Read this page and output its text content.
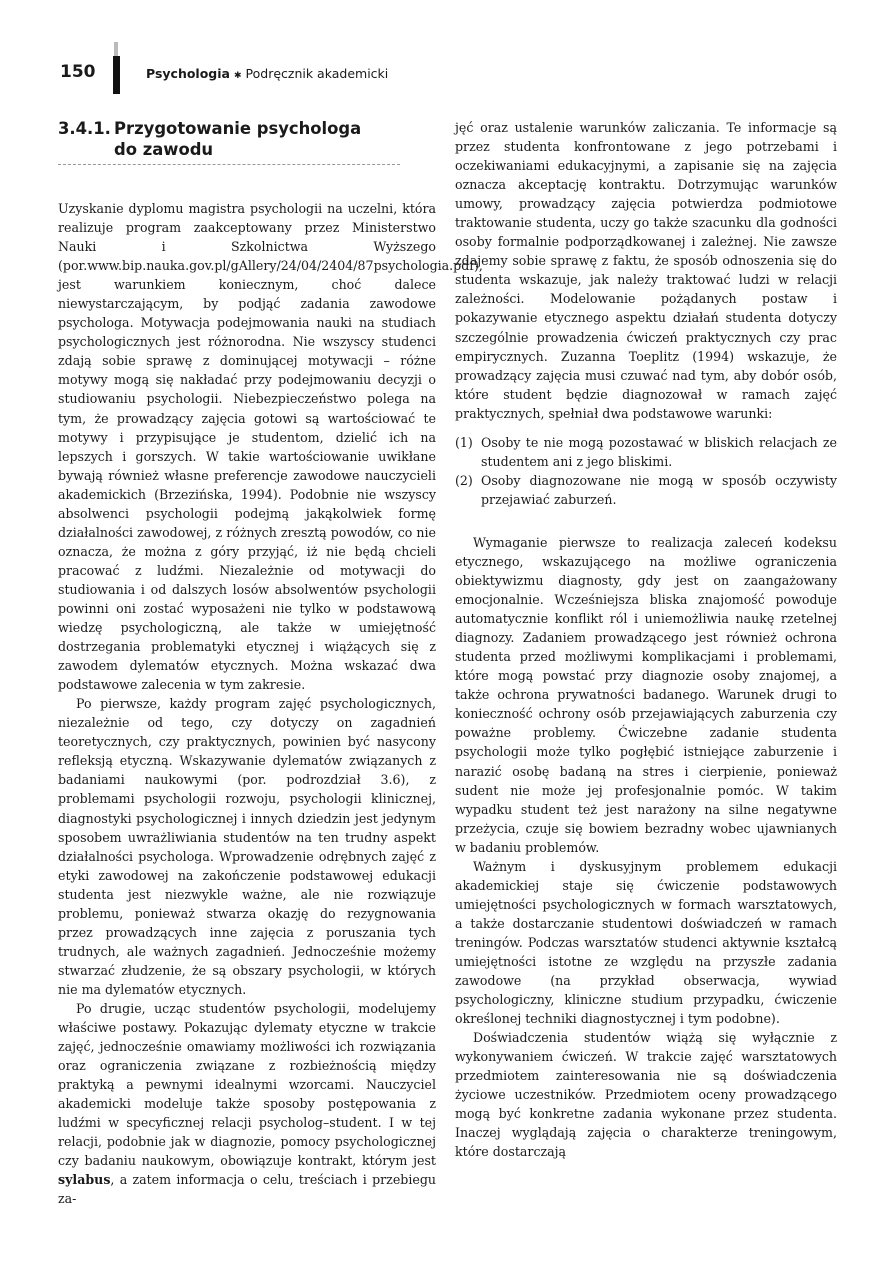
150	Psychologia ✱ Podręcznik akademicki
3.4.1. Przygotowanie psychologa
do zawodu

Uzyskanie dyplomu magistra psychologii na uczelni, która realizuje program zaakceptowany przez Ministerstwo Nauki i Szkolnictwa Wyższego (por.www.bip.nauka.gov.pl/gAllery/24/04/2404/87psychologia.pdf), jest warunkiem koniecznym, choć dalece niewystarczającym, by podjąć zadania zawodowe psychologa. Motywacja podejmowania nauki na studiach psychologicznych jest różnorodna. Nie wszyscy studenci zdają sobie sprawę z dominującej motywacji – różne motywy mogą się nakładać przy podejmowaniu decyzji o studiowaniu psychologii. Niebezpieczeństwo polega na tym, że prowadzący zajęcia gotowi są wartościować te motywy i przypisujące je studentom, dzielić ich na lepszych i gorszych. W takie wartościowanie uwikłane bywają również własne preferencje zawodowe nauczycieli akademickich (Brzezińska, 1994). Podobnie nie wszyscy absolwenci psychologii podejmą jakąkolwiek formę działalności zawodowej, z różnych zresztą powodów, co nie oznacza, że można z góry przyjąć, iż nie będą chcieli pracować z ludźmi. Niezależnie od motywacji do studiowania i od dalszych losów absolwentów psychologii powinni oni zostać wyposażeni nie tylko w podstawową wiedzę psychologiczną, ale także w umiejętność dostrzegania problematyki etycznej i wiążących się z zawodem dylematów etycznych. Można wskazać dwa podstawowe zalecenia w tym zakresie.

Po pierwsze, każdy program zajęć psychologicznych, niezależnie od tego, czy dotyczy on zagadnień teoretycznych, czy praktycznych, powinien być nasycony refleksją etyczną. Wskazywanie dylematów związanych z badaniami naukowymi (por. podrozdział 3.6), z problemami psychologii rozwoju, psychologii klinicznej, diagnostyki psychologicznej i innych dziedzin jest jedynym sposobem uwrażliwiania studentów na ten trudny aspekt działalności psychologa. Wprowadzenie odrębnych zajęć z etyki zawodowej na zakończenie podstawowej edukacji studenta jest niezwykle ważne, ale nie rozwiązuje problemu, ponieważ stwarza okazję do rezygnowania przez prowadzących inne zajęcia z poruszania tych trudnych, ale ważnych zagadnień. Jednocześnie możemy stwarzać złudzenie, że są obszary psychologii, w których nie ma dylematów etycznych.

Po drugie, ucząc studentów psychologii, modelujemy właściwe postawy. Pokazując dylematy etyczne w trakcie zajęć, jednocześnie omawiamy możliwości ich rozwiązania oraz ograniczenia związane z rozbieżnością między praktyką a pewnymi idealnymi wzorcami. Nauczyciel akademicki modeluje także sposoby postępowania z ludźmi w specyficznej relacji psycholog–student. I w tej relacji, podobnie jak w diagnozie, pomocy psychologicznej czy badaniu naukowym, obowiązuje kontrakt, którym jest sylabus, a zatem informacja o celu, treściach i przebiegu za-

jęć oraz ustalenie warunków zaliczania. Te informacje są przez studenta konfrontowane z jego potrzebami i oczekiwaniami edukacyjnymi, a zapisanie się na zajęcia oznacza akceptację kontraktu. Dotrzymując warunków umowy, prowadzący zajęcia potwierdza podmiotowe traktowanie studenta, uczy go także szacunku dla godności osoby formalnie podporządkowanej i zależnej. Nie zawsze zdajemy sobie sprawę z faktu, że sposób odnoszenia się do studenta wskazuje, jak należy traktować ludzi w relacji zależności. Modelowanie pożądanych postaw i pokazywanie etycznego aspektu działań studenta dotyczy szczególnie prowadzenia ćwiczeń praktycznych czy prac empirycznych. Zuzanna Toeplitz (1994) wskazuje, że prowadzący zajęcia musi czuwać nad tym, aby dobór osób, które student będzie diagnozował w ramach zajęć praktycznych, spełniał dwa podstawowe warunki:

(1) Osoby te nie mogą pozostawać w bliskich relacjach ze studentem ani z jego bliskimi.
(2) Osoby diagnozowane nie mogą w sposób oczywisty przejawiać zaburzeń.

Wymaganie pierwsze to realizacja zaleceń kodeksu etycznego, wskazującego na możliwe ograniczenia obiektywizmu diagnosty, gdy jest on zaangażowany emocjonalnie. Wcześniejsza bliska znajomość powoduje automatycznie konflikt ról i uniemożliwia naukę rzetelnej diagnozy. Zadaniem prowadzącego jest również ochrona studenta przed możliwymi komplikacjami i problemami, które mogą powstać przy diagnozie osoby znajomej, a także ochrona prywatności badanego. Warunek drugi to konieczność ochrony osób przejawiających zaburzenia czy poważne problemy. Ćwiczebne zadanie studenta psychologii może tylko pogłębić istniejące zaburzenie i narazić osobę badaną na stres i cierpienie, ponieważ sudent nie może jej profesjonalnie pomóc. W takim wypadku student też jest narażony na silne negatywne przeżycia, czuje się bowiem bezradny wobec ujawnianych w badaniu problemów.

Ważnym i dyskusyjnym problemem edukacji akademickiej staje się ćwiczenie podstawowych umiejętności psychologicznych w formach warsztatowych, a także dostarczanie studentowi doświadczeń w ramach treningów. Podczas warsztatów studenci aktywnie kształcą umiejętności istotne ze względu na przyszłe zadania zawodowe (na przykład obserwacja, wywiad psychologiczny, kliniczne studium przypadku, ćwiczenie określonej techniki diagnostycznej i tym podobne).

Doświadczenia studentów wiążą się wyłącznie z wykonywaniem ćwiczeń. W trakcie zajęć warsztatowych przedmiotem zainteresowania nie są doświadczenia życiowe uczestników. Przedmiotem oceny prowadzącego mogą być konkretne zadania wykonane przez studenta. Inaczej wyglądają zajęcia o charakterze treningowym, które dostarczają
